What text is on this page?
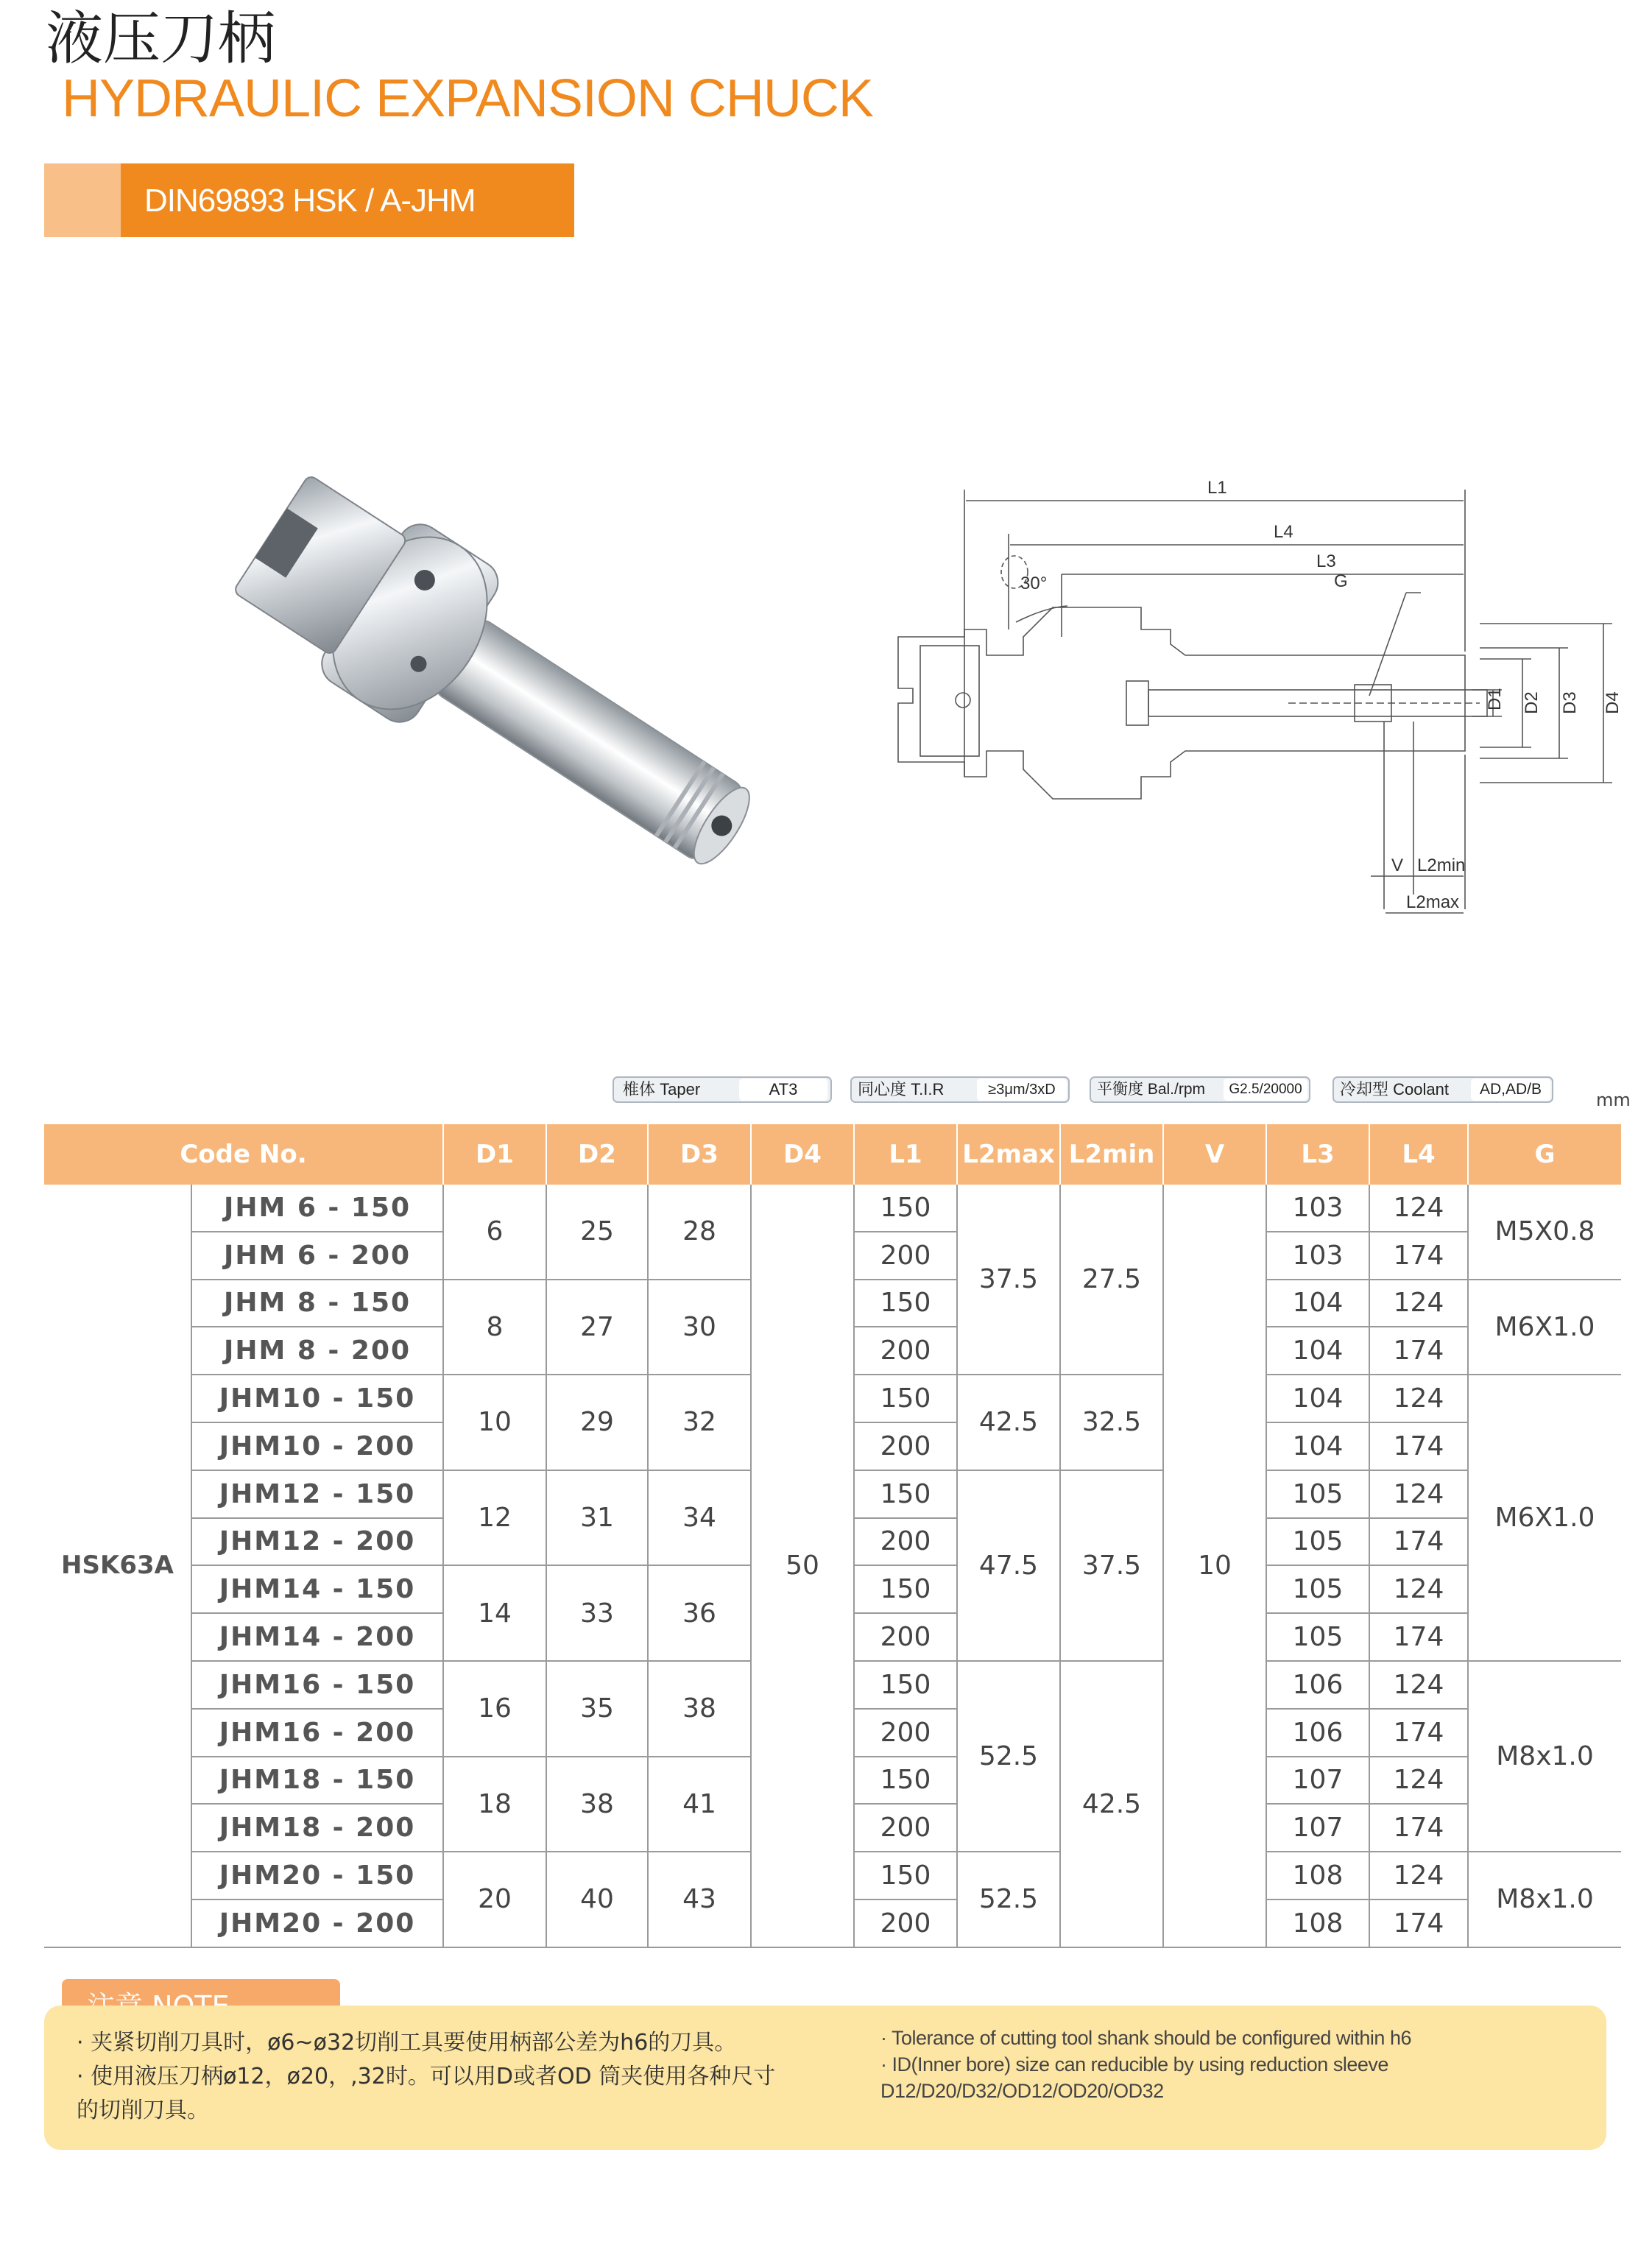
液压刀柄
HYDRAULIC EXPANSION CHUCK
DIN69893 HSK / A-JHM
L1
L4
L3
G
30°
D1 D2 D3 D4
V L2min
L2max
椎体 Taper	AT3	同心度 T.I.R	≥3μm/3xD	平衡度 Bal./rpm	G2.5/20000	冷却型 Coolant	AD,AD/B
mm
Code No.		D1	D2	D3	D4	L1	L2max	L2min	V	L3	L4	G
HSK63A	JHM 6 - 150	6	25	28	50	150	37.5	27.5	10	103	124	M5X0.8
	JHM 6 - 200					200				103	174	
	JHM 8 - 150	8	27	30		150				104	124	M6X1.0
	JHM 8 - 200					200				104	174	
	JHM10 - 150	10	29	32		150	42.5	32.5		104	124	M6X1.0
	JHM10 - 200					200				104	174	
	JHM12 - 150	12	31	34		150	47.5	37.5		105	124	
	JHM12 - 200					200				105	174	
	JHM14 - 150	14	33	36		150				105	124	
	JHM14 - 200					200				105	174	
	JHM16 - 150	16	35	38		150	52.5	42.5		106	124	M8x1.0
	JHM16 - 200					200				106	174	
	JHM18 - 150	18	38	41		150				107	124	
	JHM18 - 200					200				107	174	
	JHM20 - 150	20	40	43		150	52.5			108	124	M8x1.0
	JHM20 - 200					200				108	174	
· 夹紧切削刀具时，ø6~ø32切削工具要使用柄部公差为h6的刀具。
· 使用液压刀柄ø12，ø20，,32时。可以用D或者OD 筒夹使用各种尺寸
的切削刀具。
· Tolerance of cutting tool shank should be configured within h6
· ID(Inner bore) size can reducible by using reduction sleeve
D12/D20/D32/OD12/OD20/OD32
